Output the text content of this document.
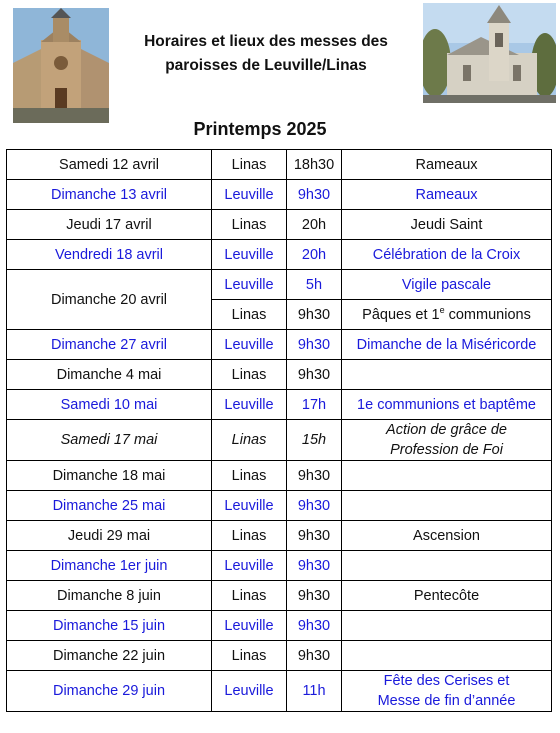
Horaires et lieux des messes des
paroisses de Leuville/Linas
Printemps 2025
Samedi 12 avril	Linas	18h30	Rameaux
Dimanche 13 avril	Leuville	9h30	Rameaux
Jeudi 17 avril	Linas	20h	Jeudi Saint
Vendredi 18 avril	Leuville	20h	Célébration de la Croix
Dimanche 20 avril	Leuville	5h	Vigile pascale
	Linas	9h30	Pâques et 1e communions
Dimanche 27 avril	Leuville	9h30	Dimanche de la Miséricorde
Dimanche 4 mai	Linas	9h30	
Samedi 10 mai	Leuville	17h	1e communions et baptême
Samedi 17 mai	Linas	15h	Action de grâce de
Profession de Foi

Dimanche 18 mai	Linas	9h30	
Dimanche 25 mai	Leuville	9h30	
Jeudi 29 mai	Linas	9h30	Ascension
Dimanche 1er juin	Leuville	9h30	
Dimanche 8 juin	Linas	9h30	Pentecôte
Dimanche 15 juin	Leuville	9h30	
Dimanche 22 juin	Linas	9h30	
Dimanche 29 juin	Leuville	11h	Fête des Cerises et
Messe de fin d’année
